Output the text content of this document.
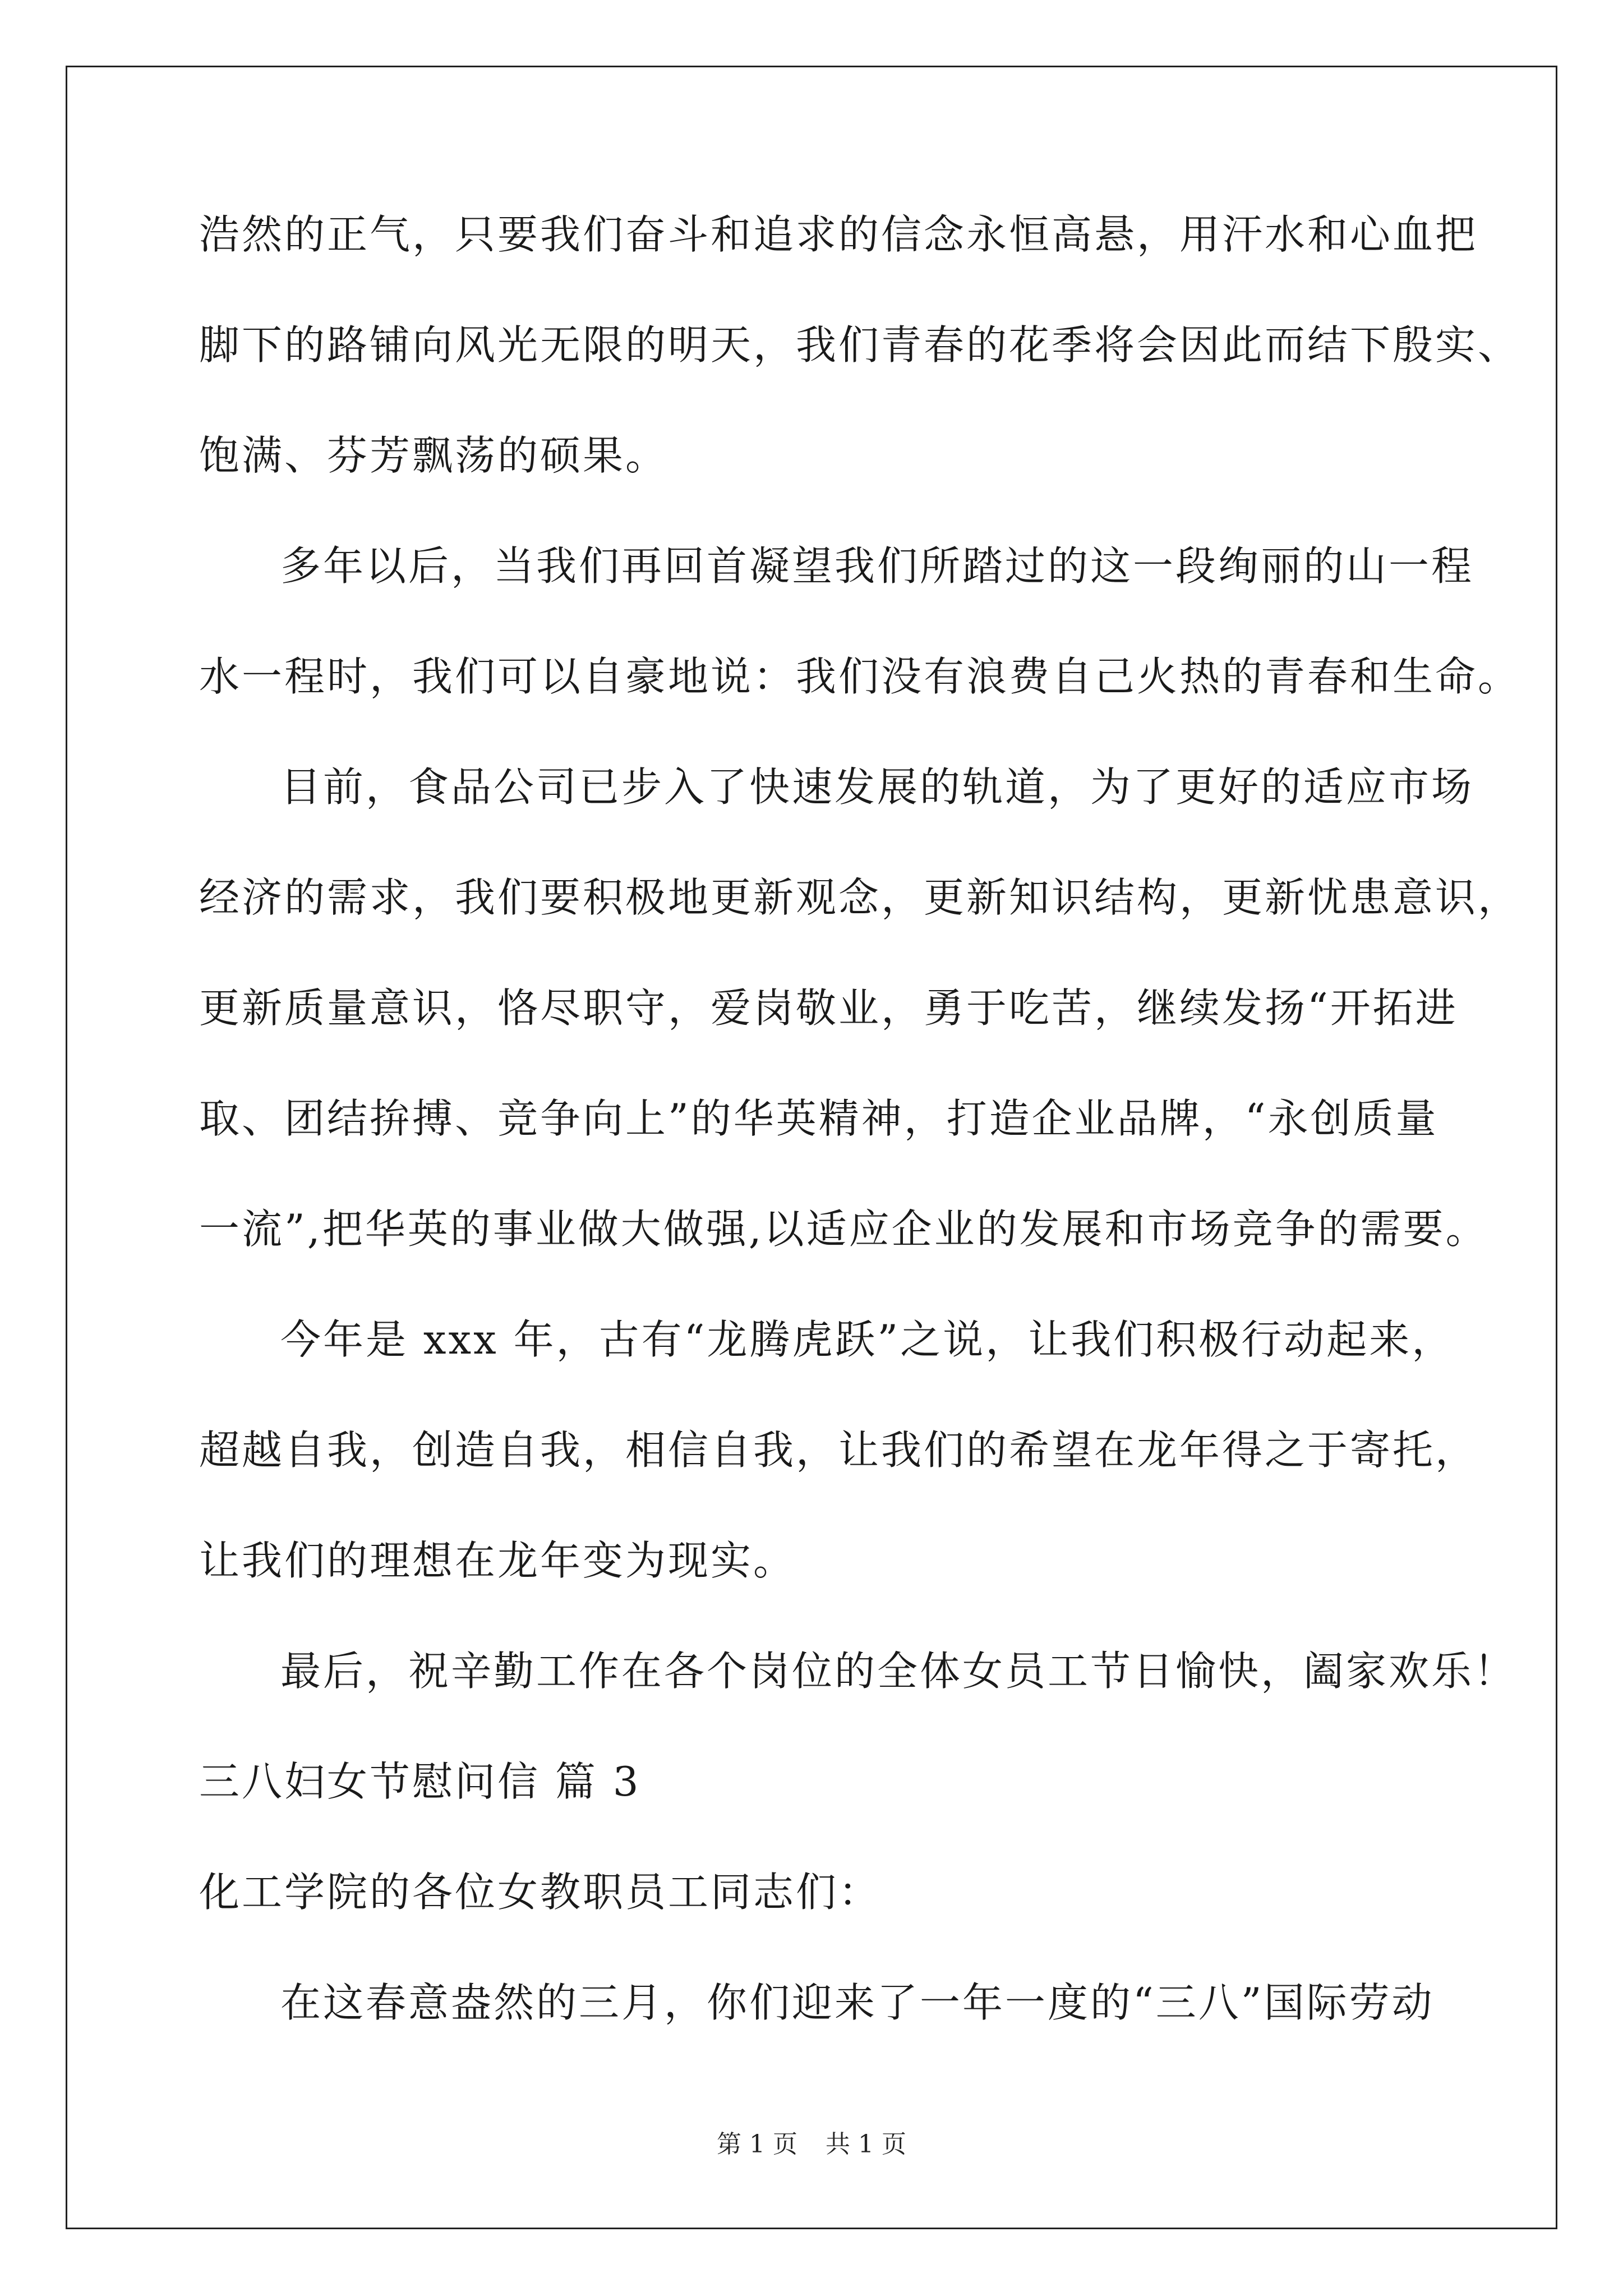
浩然的正气，只要我们奋斗和追求的信念永恒高悬，用汗水和心血把
脚下的路铺向风光无限的明天，我们青春的花季将会因此而结下殷实、
饱满、芬芳飘荡的硕果。
多年以后，当我们再回首凝望我们所踏过的这一段绚丽的山一程
水一程时，我们可以自豪地说：我们没有浪费自己火热的青春和生命。
目前，食品公司已步入了快速发展的轨道，为了更好的适应市场
经济的需求，我们要积极地更新观念，更新知识结构，更新忧患意识，
更新质量意识，恪尽职守，爱岗敬业，勇于吃苦，继续发扬“开拓进
取、团结拚搏、竞争向上”的华英精神，打造企业品牌，“永创质量
一流”,把华英的事业做大做强,以适应企业的发展和市场竞争的需要。
今年是 xxx 年，古有“龙腾虎跃”之说，让我们积极行动起来，
超越自我，创造自我，相信自我，让我们的希望在龙年得之于寄托，
让我们的理想在龙年变为现实。
最后，祝辛勤工作在各个岗位的全体女员工节日愉快，阖家欢乐！
三八妇女节慰问信 篇 3
化工学院的各位女教职员工同志们：
在这春意盎然的三月，你们迎来了一年一度的“三八”国际劳动
第 1 页 共 1 页
